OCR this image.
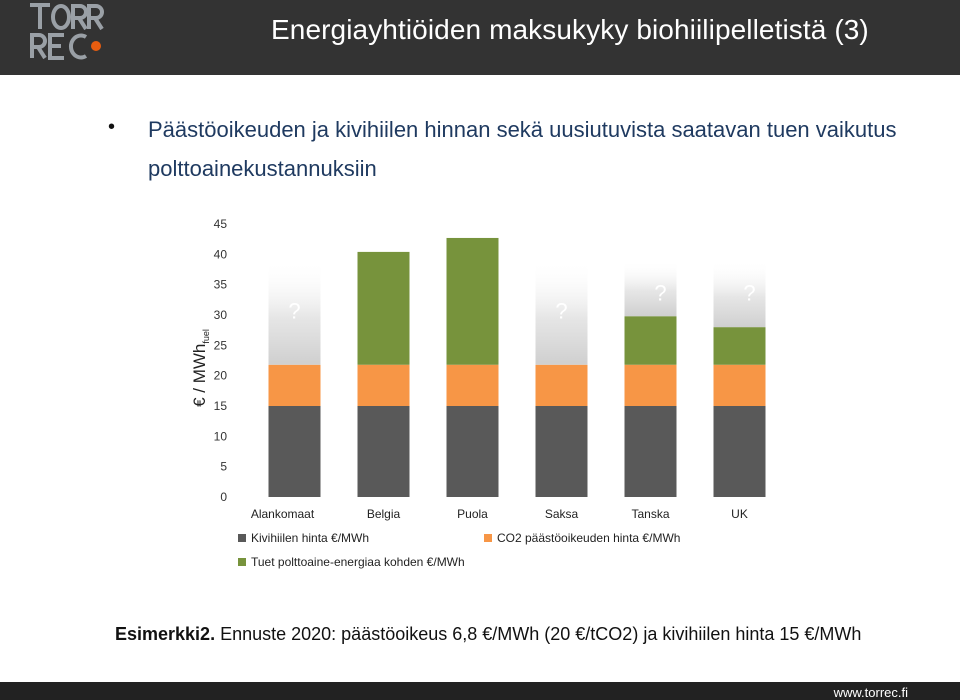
Energiayhtiöiden maksukyky biohiilipelletistä (3)
• Päästöoikeuden ja kivihiilen hinnan sekä uusiutuvista saatavan tuen vaikutus polttoainekustannuksiin
€ / MWh$_{fuel}$
0
5
10
15
20
25
30
35
40
45
?	?
?	?
Alankomaat	Belgia	Puola	Saksa	Tanska	UK
Kivihiilen hinta €/MWh	CO2 päästöoikeuden hinta €/MWh
Tuet polttoaine-energiaa kohden €/MWh
Esimerkki2. Ennuste 2020: päästöoikeus 6,8 €/MWh (20 €/tCO2) ja kivihiilen hinta 15 €/MWh
www.torrec.fi
